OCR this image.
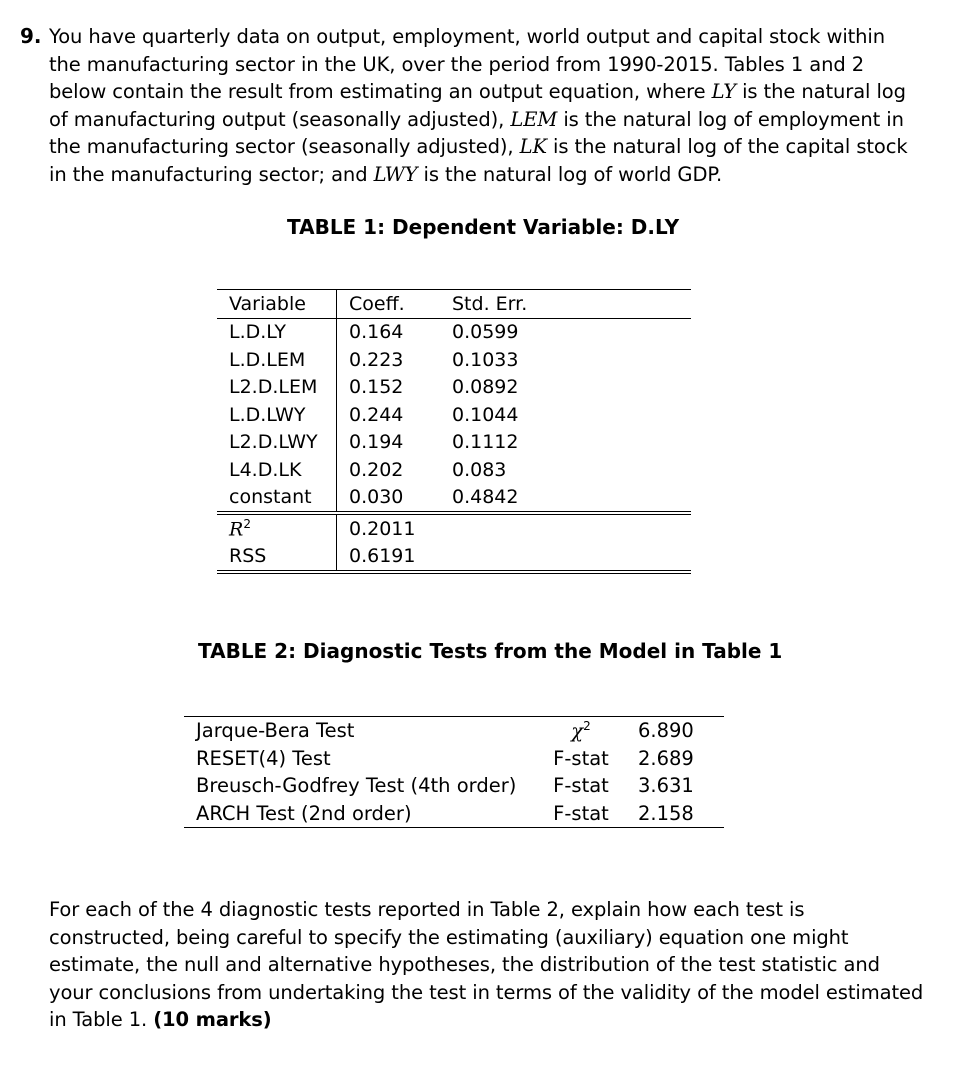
9. You have quarterly data on output, employment, world output and capital stock within the manufacturing sector in the UK, over the period from 1990-2015. Tables 1 and 2 below contain the result from estimating an output equation, where LY is the natural log of manufacturing output (seasonally adjusted), LEM is the natural log of employment in the manufacturing sector (seasonally adjusted), LK is the natural log of the capital stock in the manufacturing sector; and LWY is the natural log of world GDP.

TABLE 1: Dependent Variable: D.LY
Variable	Coeff.	Std. Err.
L.D.LY	0.164	0.0599
L.D.LEM	0.223	0.1033
L2.D.LEM	0.152	0.0892
L.D.LWY	0.244	0.1044
L2.D.LWY	0.194	0.1112
L4.D.LK	0.202	0.083
constant	0.030	0.4842
$R^2$	0.2011	
RSS	0.6191	
TABLE 2: Diagnostic Tests from the Model in Table 1
Jarque-Bera Test	$\chi^2$	6.890
RESET(4) Test	F-stat	2.689
Breusch-Godfrey Test (4th order)	F-stat	3.631
ARCH Test (2nd order)	F-stat	2.158

For each of the 4 diagnostic tests reported in Table 2, explain how each test is constructed, being careful to specify the estimating (auxiliary) equation one might estimate, the null and alternative hypotheses, the distribution of the test statistic and your conclusions from undertaking the test in terms of the validity of the model estimated in Table 1. (10 marks)
